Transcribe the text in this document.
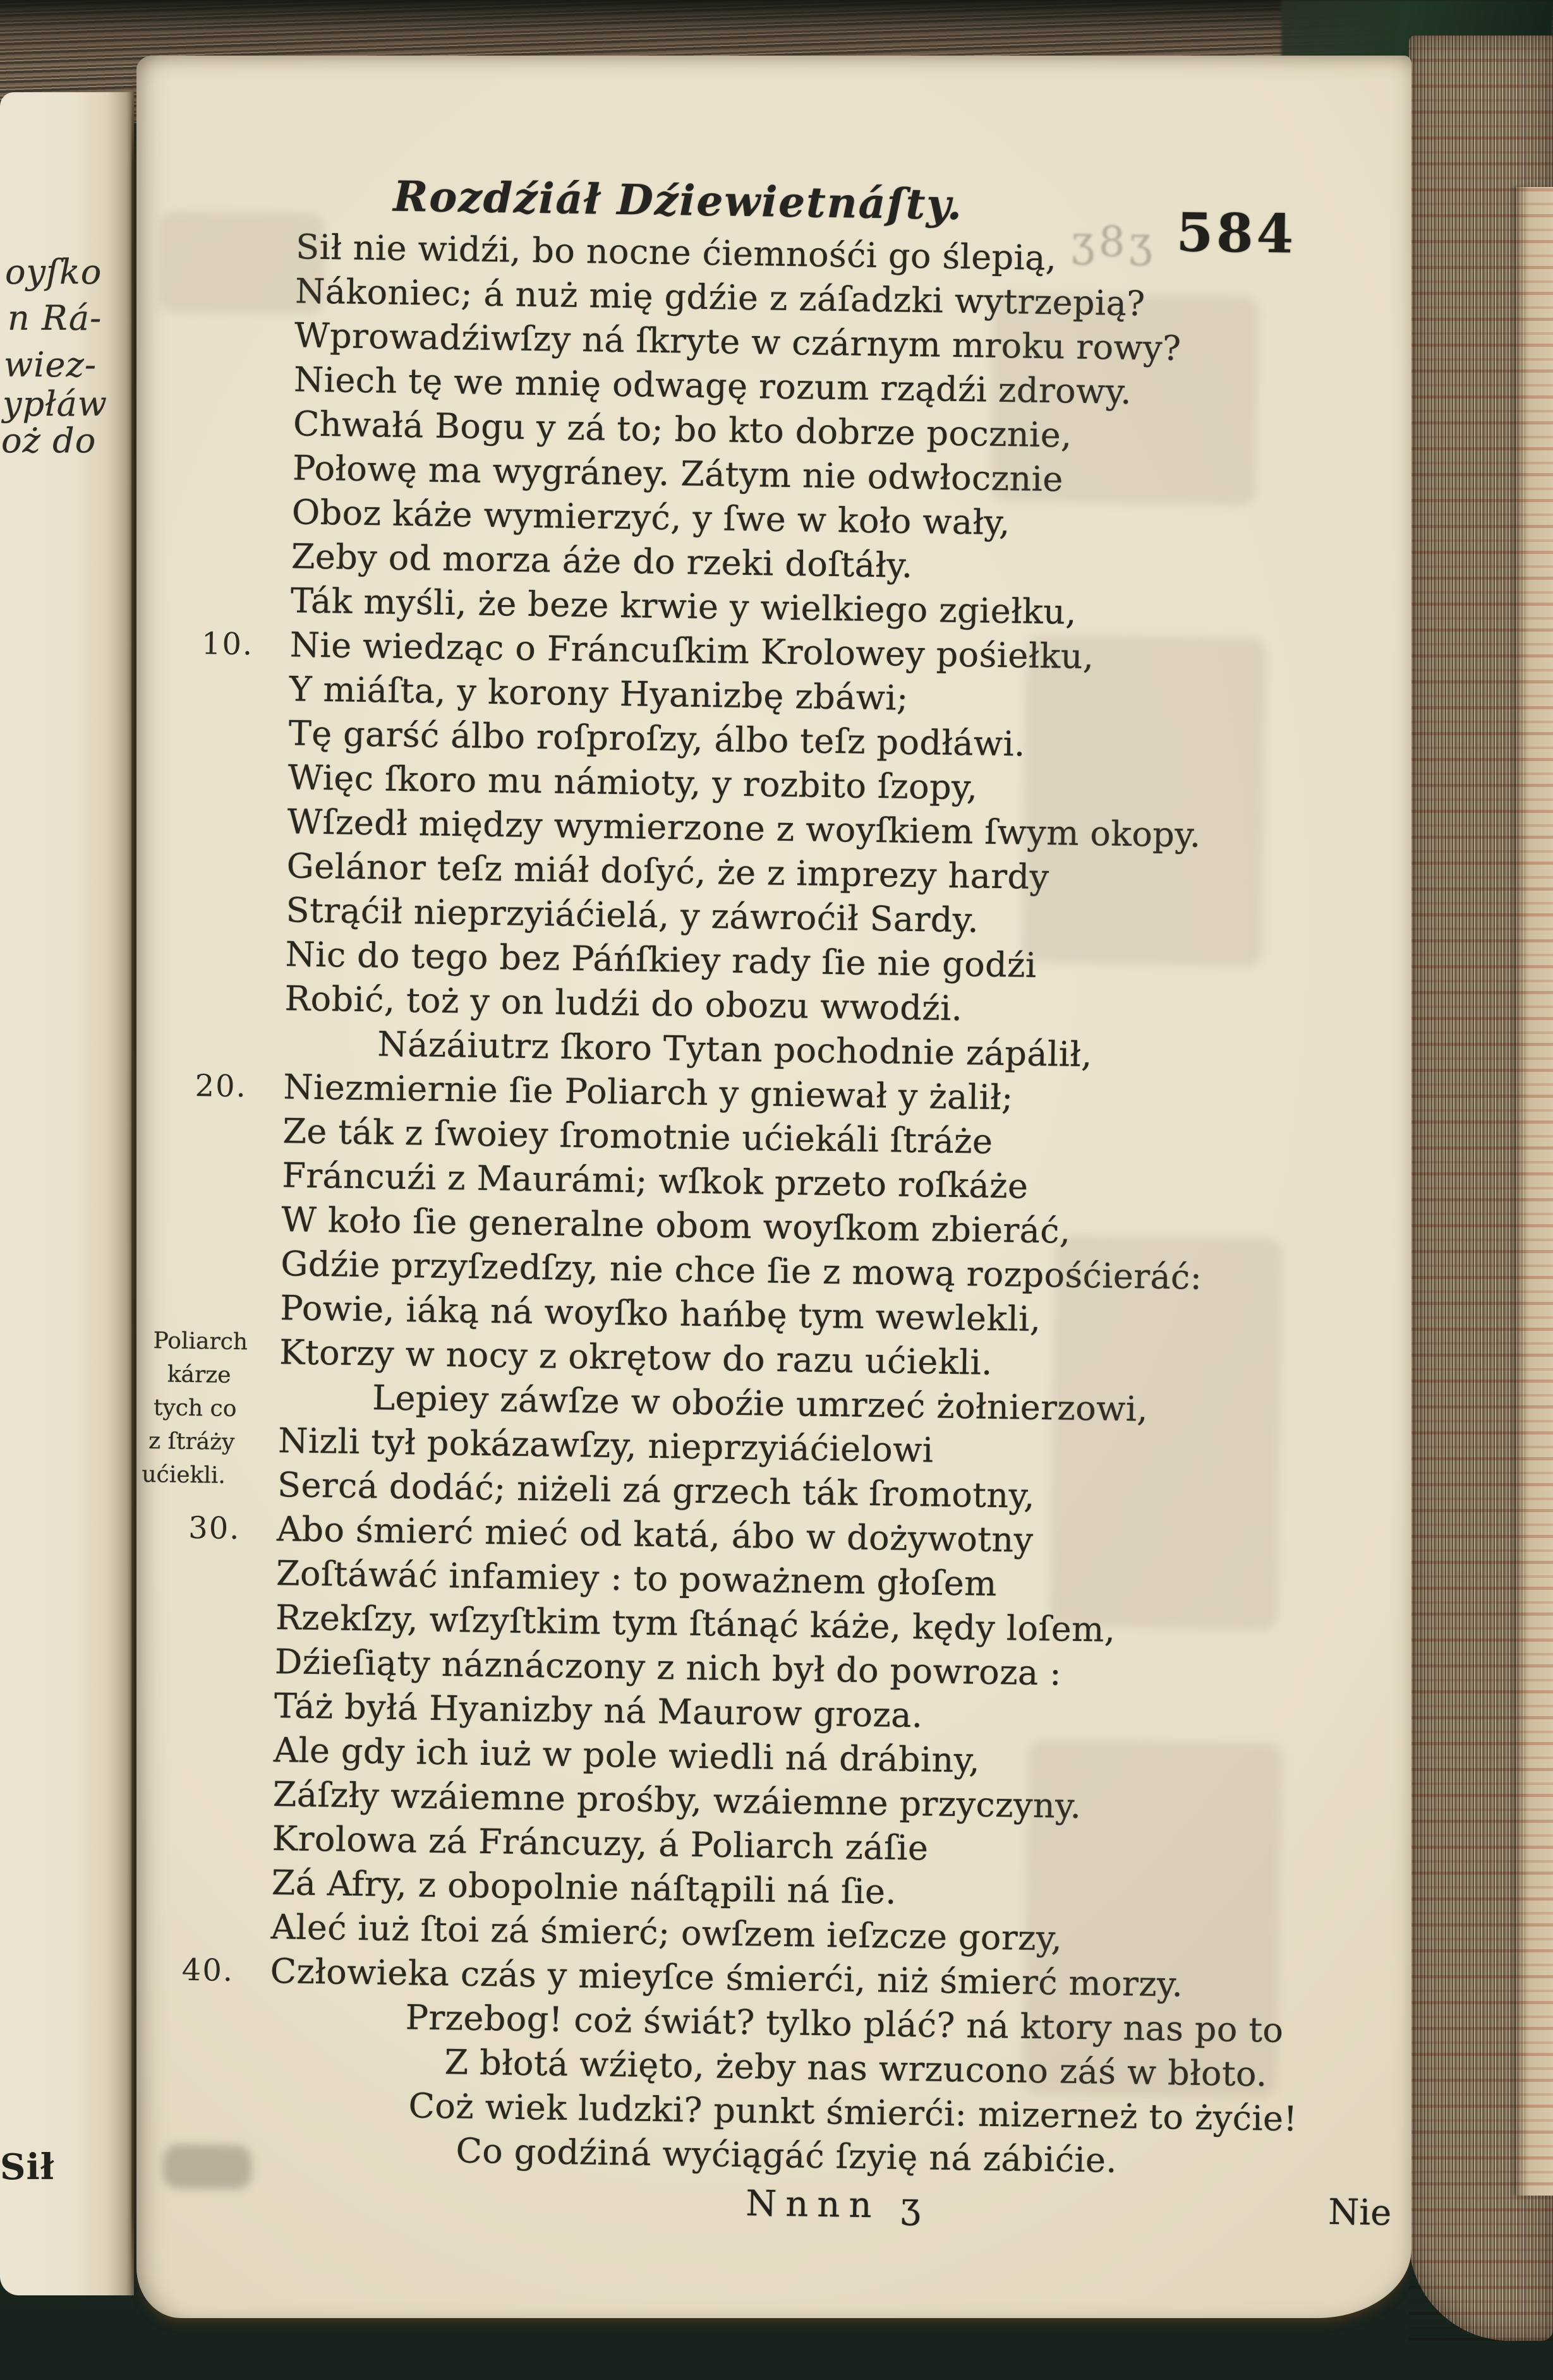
oyſko
n Rá-
wiez-
ypłáw
oż do
Sił
Rozdźiáł Dźiewietnáſty.
ʒ8ʒ 584
Sił nie widźi, bo nocne ćiemnośći go ślepią,
Nákoniec; á nuż mię gdźie z záſadzki wytrzepią?
Wprowadźiwſzy ná ſkryte w czárnym mroku rowy?
Niech tę we mnię odwagę rozum rządźi zdrowy.
Chwałá Bogu y zá to; bo kto dobrze pocznie,
Połowę ma wygráney. Zátym nie odwłocznie
Oboz káże wymierzyć, y ſwe w koło wały,
Zeby od morza áże do rzeki doſtáły.
Ták myśli, że beze krwie y wielkiego zgiełku,
10. Nie wiedząc o Fráncuſkim Krolowey pośiełku,
Y miáſta, y korony Hyanizbę zbáwi;
Tę garść álbo roſproſzy, álbo teſz podłáwi.
Więc ſkoro mu námioty, y rozbito ſzopy,
Wſzedł między wymierzone z woyſkiem ſwym okopy.
Gelánor teſz miáł doſyć, że z imprezy hardy
Strąćił nieprzyiáćielá, y záwroćił Sardy.
Nic do tego bez Páńſkiey rady ſie nie godźi
Robić, toż y on ludźi do obozu wwodźi.
Názáiutrz ſkoro Tytan pochodnie zápálił,
20. Niezmiernie ſie Poliarch y gniewał y żalił;
Ze ták z ſwoiey ſromotnie ućiekáli ſtráże
Fráncuźi z Maurámi; wſkok przeto roſkáże
W koło ſie generalne obom woyſkom zbieráć,
Gdźie przyſzedſzy, nie chce ſie z mową rozpośćieráć:
Powie, iáką ná woyſko hańbę tym wewlekli,
Ktorzy w nocy z okrętow do razu ućiekli.
Lepiey záwſze w oboźie umrzeć żołnierzowi,
Nizli tył pokázawſzy, nieprzyiáćielowi
Sercá dodáć; niżeli zá grzech ták ſromotny,
30. Abo śmierć mieć od katá, ábo w dożywotny
Zoſtáwáć infamiey : to poważnem głoſem
Rzekſzy, wſzyſtkim tym ſtánąć káże, kędy loſem,
Dźieſiąty náznáczony z nich był do powroza :
Táż byłá Hyanizby ná Maurow groza.
Ale gdy ich iuż w pole wiedli ná drábiny,
Záſzły wzáiemne prośby, wzáiemne przyczyny.
Krolowa zá Fráncuzy, á Poliarch záſie
Zá Afry, z obopolnie náſtąpili ná ſie.
Aleć iuż ſtoi zá śmierć; owſzem ieſzcze gorzy,
40. Człowieka czás y mieyſce śmierći, niż śmierć morzy.
Przebog! coż świát? tylko pláć? ná ktory nas po to
Z błotá wźięto, żeby nas wrzucono záś w błoto.
Coż wiek ludzki? punkt śmierći: mizerneż to żyćie!
Co godźiná wyćiągáć ſzyię ná zábićie.
Poliarch
kárze
tych co
z ſtráży
ućiekli.
Nnnn ʒ	Nie
